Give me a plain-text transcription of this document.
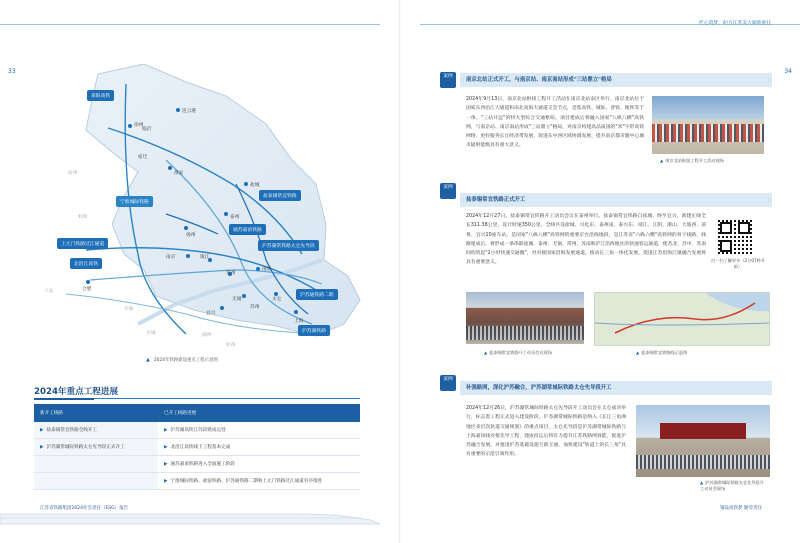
33	34
匠心筑梦，助力江苏美大湖新重任
莱阳高铁
宁淮城际铁路
盐泰锡常宜铁路
通苏嘉甬铁路
上元门铁路过江通道	沪苏湖常铁路太仓先导段
北沿江高铁
沪苏通铁路二期
沪苏湖铁路
徐州
临沂
连云港
宿迁
淮安
盐城
泰州
南通
南京	镇江
常州
无锡
苏州
上海
合肥
扬州
宜兴
太仓
宿州
蚌埠
六安
芜湖
宣城
杭州
湖州
▲ 2024年铁路建设重点工程示意图
2024年重点工程进展
新开工线路	已开工线路进展
▶ 盐泰锡常宜铁路全线开工	▶ 沪苏湖高铁江苏段建成运营
▶ 沪苏湖常城际铁路太仓先导段正式开工	▶ 北沿江高铁线下工程基本完成
	▶ 通苏嘉甬铁路进入全面施工阶段
	▶ 宁淮城际铁路、盐宿铁路、沪苏通铁路二期和上元门铁路过江通道有序推进
江苏省铁路集团2024社会责任（ESG）报告	铺设高铁梦 勤劳责任
案例
南京北站正式开工，与南京站、南京南站形成"三站鼎立"格局
2024年9月13日，南京北站枢纽工程开工活动在南京北站南区举行。南京北站位于国家东西沿江大通道和南北高海大通道交会节点，是集高铁、城际、普铁、地铁等于一体、"三站开远"的特大型综合交通枢纽。项目建成后将融入国家"八纵八横"高铁网，与南京站、南京南站形成"三站鼎立"格局，对南京构建高品质国的"米"字形高铁网络、更好服务长江经济带发展、促进东中西区域协调发展、提升南京都市圈中心城市辐射能级具有重大意义。
▲ 南京北站枢纽工程开工活动现场
案例
盐泰锡常宜铁路正式开工
2024年12月27日，盐泰锡常宜铁路开工动员会议在泰州举行。盐泰锡常宜铁路自盐城，终至宜兴，新建正线全长311.38公里，设计时速350公里，全线共设盐城、兴化东、泰州南、泰兴东、靖江、江阴、港山、大坡西、前黄、宜兴10座车站。是国家"八纵八横"高铁网的重要京台沿线地段，是江苏省"六纵六横"高铁网的骨干线路，线路建成后，将形成一条串联盐城、泰州、无锡、常州、苏南和沪江沿海地区的快速客运通道，使苏北、苏中、苏南间构筑起"2小时快速交通圈"，对对接国家沿海发展通道，推动长三角一体化发展，促进江苏沿海江镇融合发展将具有重要意义。	扫一扫了解更多（2分07秒开始）
▲ 盐泰锡常宜铁路开工动员会议现场	▲ 盐泰锡常宜铁路线示意图
案例
补强路网，深化沪苏融合，沪苏湖常城际铁路太仓先导段开工
2024年12月26日，沪苏湖常城际铁路太仓先导段开工动员会在太仓成功举行，标志着工程正式进入建设阶段。沪苏湖常城际铁路是纳入《长江三角洲地区多层次轨道交通规划》的重点项目，太仓先导段是沪苏湖常城际铁路与上海嘉闵线对接先导工程，建成投运后将有力提升江苏铁路网效能，促进沪苏融合发展，对推进沪苏基础设施互联互通、加快建设"轨道上的长三角"具有重要的示范引领作用。
▲ 沪苏湖常城际铁路太仓先导段开工动员会现场
